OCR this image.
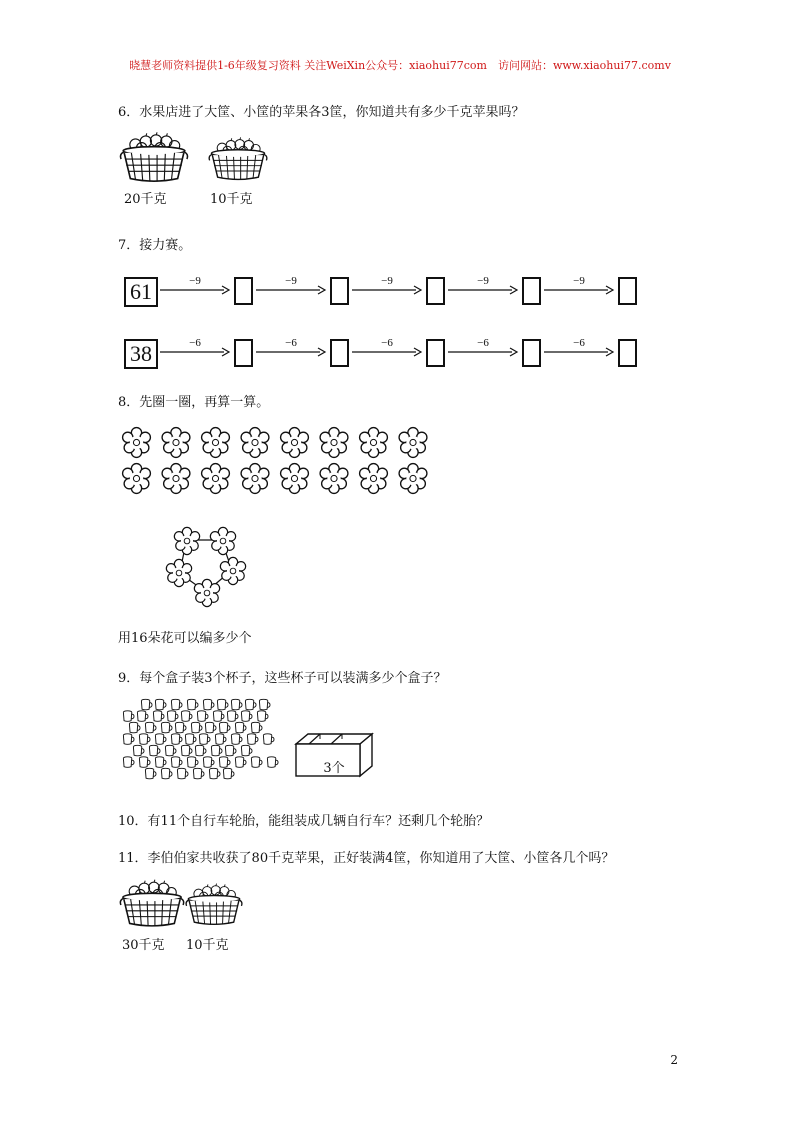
晓慧老师资料提供1-6年级复习资料 关注WeiXin公众号：xiaohui77com　访问网站：www.xiaohui77.comv
6．水果店进了大筐、小筐的苹果各3筐，你知道共有多少千克苹果吗？
20千克	10千克
7．接力赛。
61	−9	−9	−9	−9	−9
38	−6	−6	−6	−6	−6
8．先圈一圈，再算一算。
用16朵花可以编多少个
9．每个盒子装3个杯子，这些杯子可以装满多少个盒子？
3个
10．有11个自行车轮胎，能组装成几辆自行车？还剩几个轮胎？
11．李伯伯家共收获了80千克苹果，正好装满4筐，你知道用了大筐、小筐各几个吗？
30千克 10千克
2
